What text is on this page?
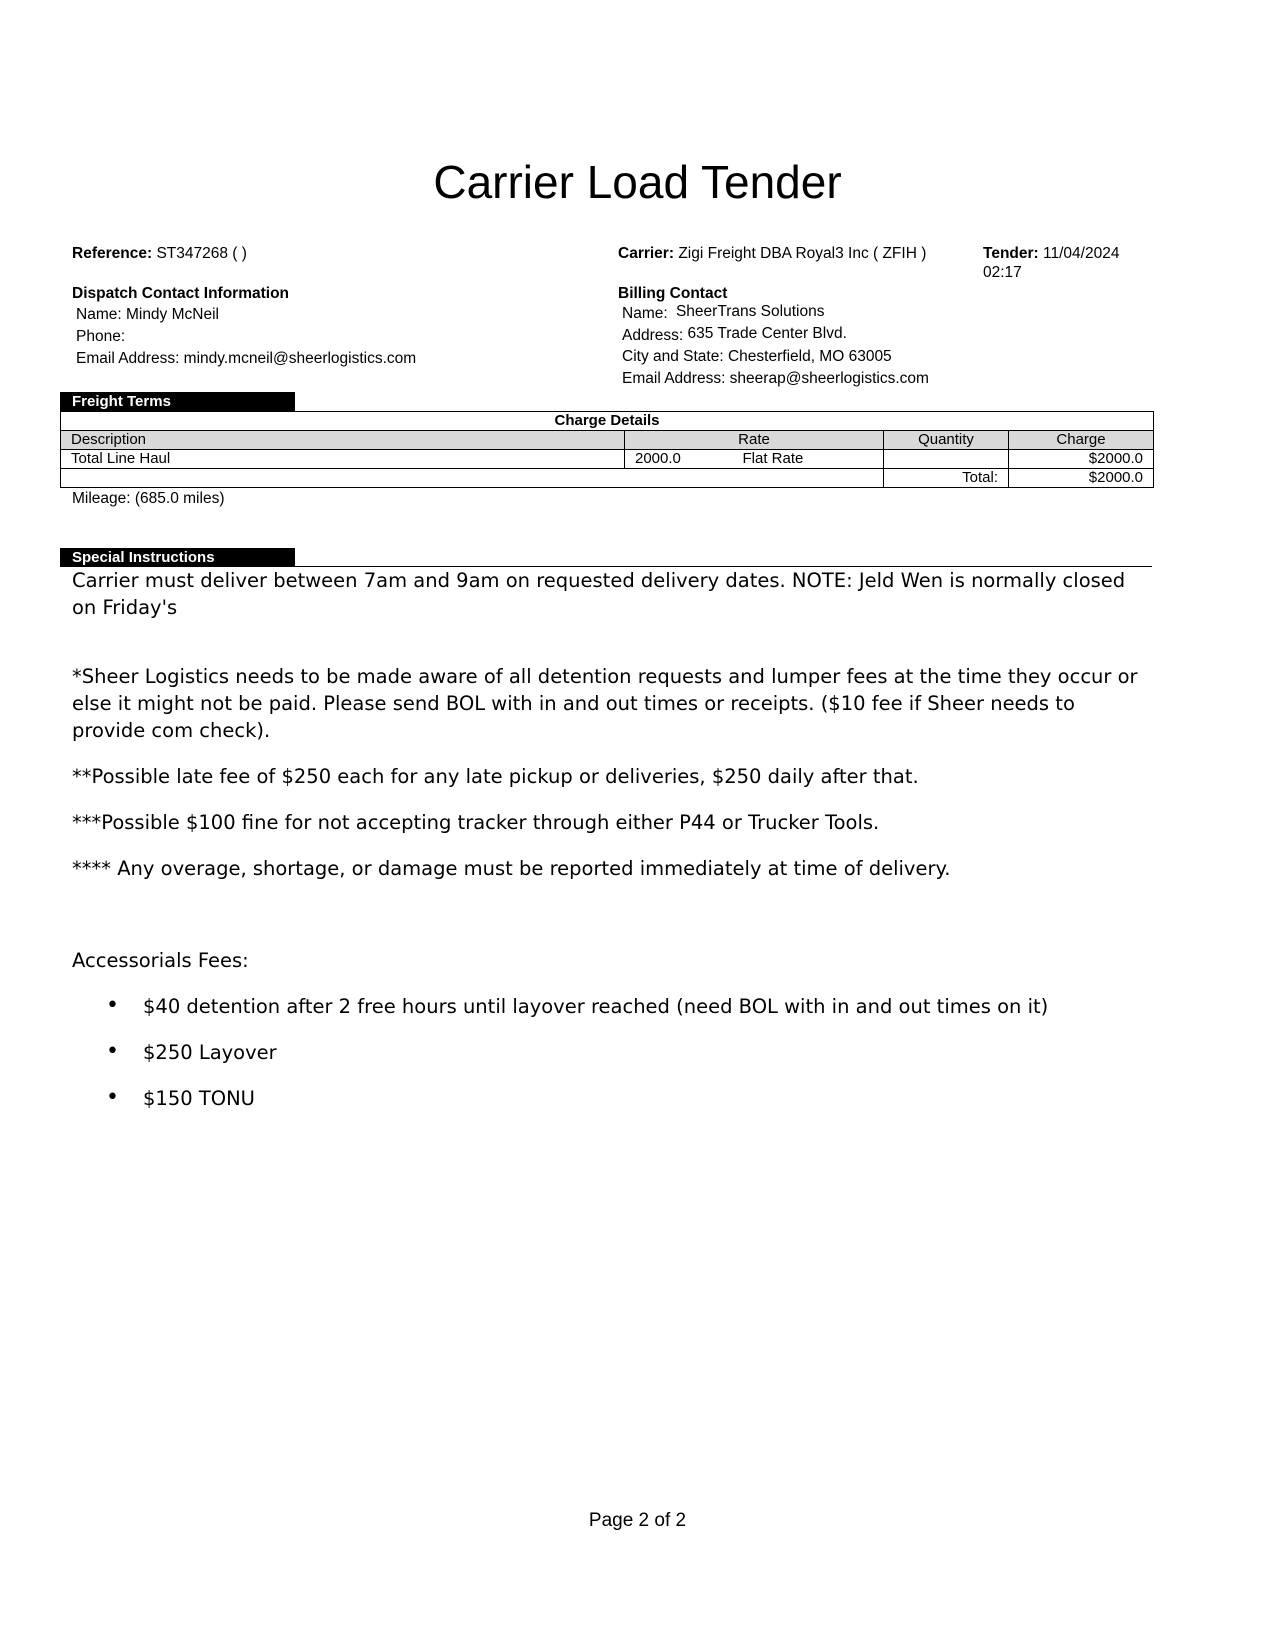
Carrier Load Tender
Reference: ST347268 ( )	Carrier: Zigi Freight DBA Royal3 Inc ( ZFIH )	Tender: 11/04/2024
02:17
Dispatch Contact Information
Name: Mindy McNeil
Phone:
Email Address: mindy.mcneil@sheerlogistics.com
Billing Contact
Name: SheerTrans Solutions
Address: 635 Trade Center Blvd.
City and State: Chesterfield, MO 63005
Email Address: sheerap@sheerlogistics.com
Freight Terms
Charge Details				
Description	Rate		Quantity	Charge
Total Line Haul	2000.0	Flat Rate		$2000.0
			Total:	$2000.0
Mileage: (685.0 miles)
Special Instructions
Carrier must deliver between 7am and 9am on requested delivery dates. NOTE: Jeld Wen is normally closed on Friday's
*Sheer Logistics needs to be made aware of all detention requests and lumper fees at the time they occur or else it might not be paid. Please send BOL with in and out times or receipts. ($10 fee if Sheer needs to provide com check).
**Possible late fee of $250 each for any late pickup or deliveries, $250 daily after that.
***Possible $100 fine for not accepting tracker through either P44 or Trucker Tools.
**** Any overage, shortage, or damage must be reported immediately at time of delivery.
Accessorials Fees:
• $40 detention after 2 free hours until layover reached (need BOL with in and out times on it)
• $250 Layover
• $150 TONU
Page 2 of 2
